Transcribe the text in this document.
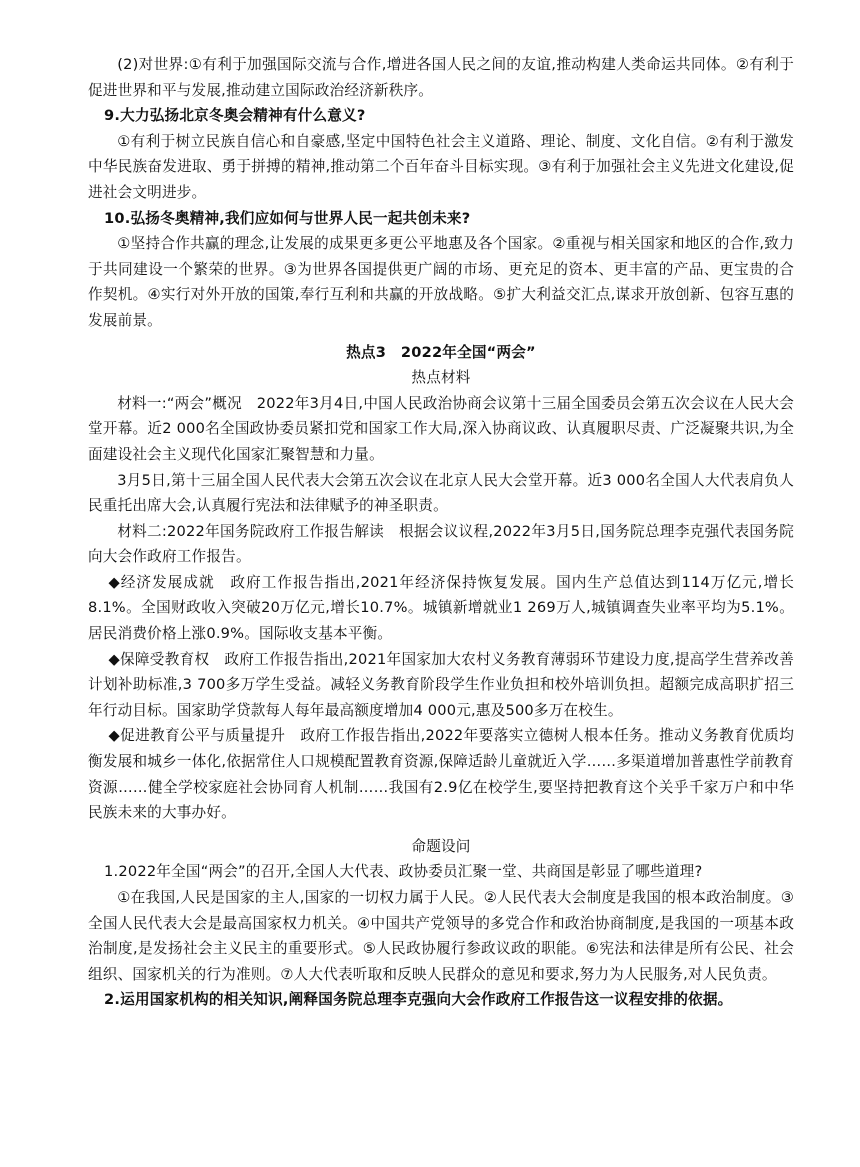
(2)对世界:①有利于加强国际交流与合作,增进各国人民之间的友谊,推动构建人类命运共同体。②有利于促进世界和平与发展,推动建立国际政治经济新秩序。

9.大力弘扬北京冬奥会精神有什么意义?

①有利于树立民族自信心和自豪感,坚定中国特色社会主义道路、理论、制度、文化自信。②有利于激发中华民族奋发进取、勇于拼搏的精神,推动第二个百年奋斗目标实现。③有利于加强社会主义先进文化建设,促进社会文明进步。

10.弘扬冬奥精神,我们应如何与世界人民一起共创未来?

①坚持合作共赢的理念,让发展的成果更多更公平地惠及各个国家。②重视与相关国家和地区的合作,致力于共同建设一个繁荣的世界。③为世界各国提供更广阔的市场、更充足的资本、更丰富的产品、更宝贵的合作契机。④实行对外开放的国策,奉行互利和共赢的开放战略。⑤扩大利益交汇点,谋求开放创新、包容互惠的发展前景。

热点3　2022年全国“两会”

热点材料

材料一:“两会”概况　2022年3月4日,中国人民政治协商会议第十三届全国委员会第五次会议在人民大会堂开幕。近2 000名全国政协委员紧扣党和国家工作大局,深入协商议政、认真履职尽责、广泛凝聚共识,为全面建设社会主义现代化国家汇聚智慧和力量。

3月5日,第十三届全国人民代表大会第五次会议在北京人民大会堂开幕。近3 000名全国人大代表肩负人民重托出席大会,认真履行宪法和法律赋予的神圣职责。

材料二:2022年国务院政府工作报告解读　根据会议议程,2022年3月5日,国务院总理李克强代表国务院向大会作政府工作报告。

◆经济发展成就　政府工作报告指出,2021年经济保持恢复发展。国内生产总值达到114万亿元,增长8.1%。全国财政收入突破20万亿元,增长10.7%。城镇新增就业1 269万人,城镇调查失业率平均为5.1%。居民消费价格上涨0.9%。国际收支基本平衡。

◆保障受教育权　政府工作报告指出,2021年国家加大农村义务教育薄弱环节建设力度,提高学生营养改善计划补助标准,3 700多万学生受益。减轻义务教育阶段学生作业负担和校外培训负担。超额完成高职扩招三年行动目标。国家助学贷款每人每年最高额度增加4 000元,惠及500多万在校生。

◆促进教育公平与质量提升　政府工作报告指出,2022年要落实立德树人根本任务。推动义务教育优质均衡发展和城乡一体化,依据常住人口规模配置教育资源,保障适龄儿童就近入学……多渠道增加普惠性学前教育资源……健全学校家庭社会协同育人机制……我国有2.9亿在校学生,要坚持把教育这个关乎千家万户和中华民族未来的大事办好。

命题设问

1.2022年全国“两会”的召开,全国人大代表、政协委员汇聚一堂、共商国是彰显了哪些道理?

①在我国,人民是国家的主人,国家的一切权力属于人民。②人民代表大会制度是我国的根本政治制度。③全国人民代表大会是最高国家权力机关。④中国共产党领导的多党合作和政治协商制度,是我国的一项基本政治制度,是发扬社会主义民主的重要形式。⑤人民政协履行参政议政的职能。⑥宪法和法律是所有公民、社会组织、国家机关的行为准则。⑦人大代表听取和反映人民群众的意见和要求,努力为人民服务,对人民负责。

2.运用国家机构的相关知识,阐释国务院总理李克强向大会作政府工作报告这一议程安排的依据。
